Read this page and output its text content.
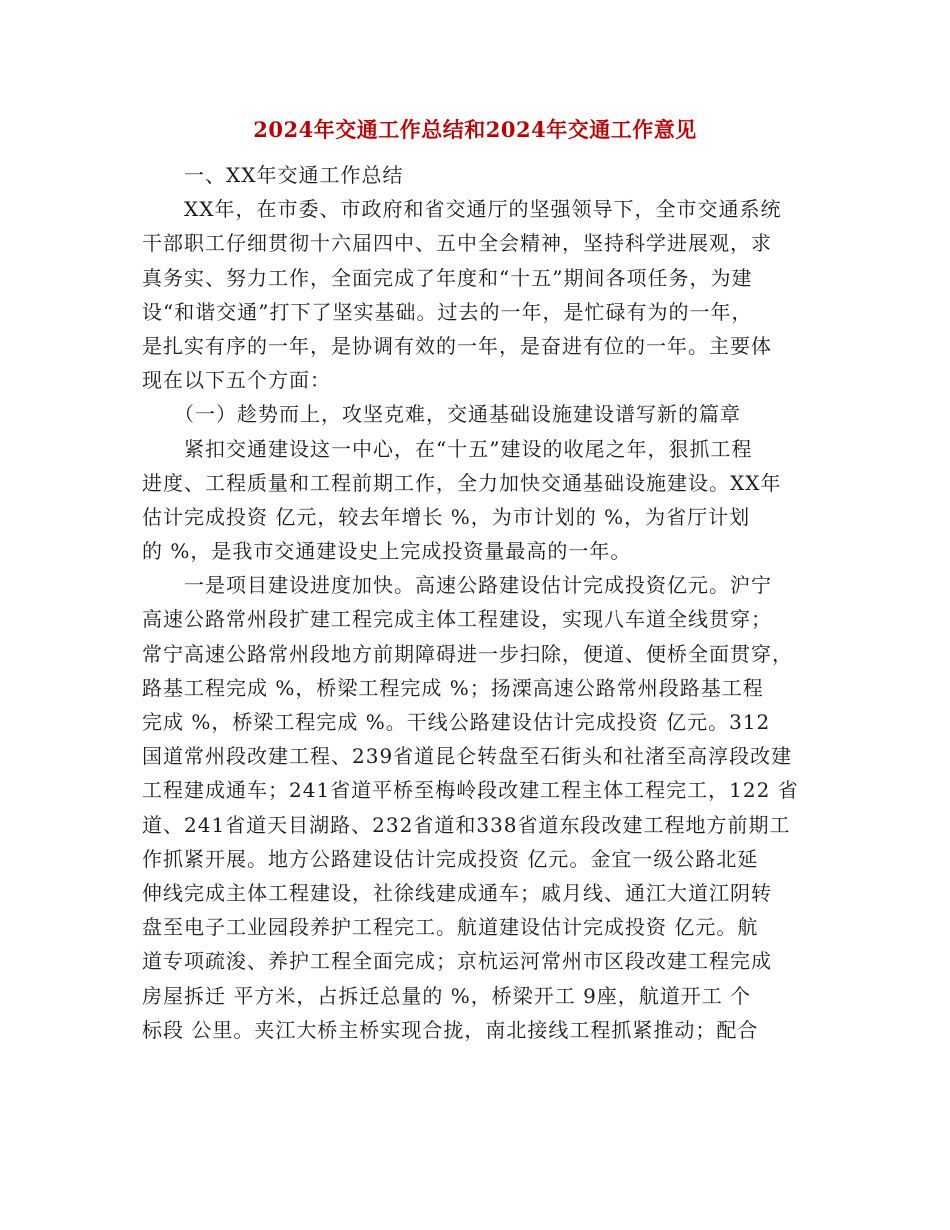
2024年交通工作总结和2024年交通工作意见
一、XX年交通工作总结
XX年，在市委、市政府和省交通厅的坚强领导下，全市交通系统
干部职工仔细贯彻十六届四中、五中全会精神，坚持科学进展观，求
真务实、努力工作，全面完成了年度和“十五”期间各项任务，为建
设“和谐交通”打下了坚实基础。过去的一年，是忙碌有为的一年，
是扎实有序的一年，是协调有效的一年，是奋进有位的一年。主要体
现在以下五个方面：
（一）趁势而上，攻坚克难，交通基础设施建设谱写新的篇章
紧扣交通建设这一中心，在“十五”建设的收尾之年，狠抓工程
进度、工程质量和工程前期工作，全力加快交通基础设施建设。XX年
估计完成投资 亿元，较去年增长 %，为市计划的 %，为省厅计划
的 %，是我市交通建设史上完成投资量最高的一年。
一是项目建设进度加快。高速公路建设估计完成投资亿元。沪宁
高速公路常州段扩建工程完成主体工程建设，实现八车道全线贯穿；
常宁高速公路常州段地方前期障碍进一步扫除，便道、便桥全面贯穿，
路基工程完成 %，桥梁工程完成 %；扬溧高速公路常州段路基工程
完成 %，桥梁工程完成 %。干线公路建设估计完成投资 亿元。312
国道常州段改建工程、239省道昆仑转盘至石街头和社渚至高淳段改建
工程建成通车；241省道平桥至梅岭段改建工程主体工程完工，122 省
道、241省道天目湖路、232省道和338省道东段改建工程地方前期工
作抓紧开展。地方公路建设估计完成投资 亿元。金宜一级公路北延
伸线完成主体工程建设，社徐线建成通车；戚月线、通江大道江阴转
盘至电子工业园段养护工程完工。航道建设估计完成投资 亿元。航
道专项疏浚、养护工程全面完成；京杭运河常州市区段改建工程完成
房屋拆迁 平方米，占拆迁总量的 %，桥梁开工 9座，航道开工 个
标段 公里。夹江大桥主桥实现合拢，南北接线工程抓紧推动；配合
